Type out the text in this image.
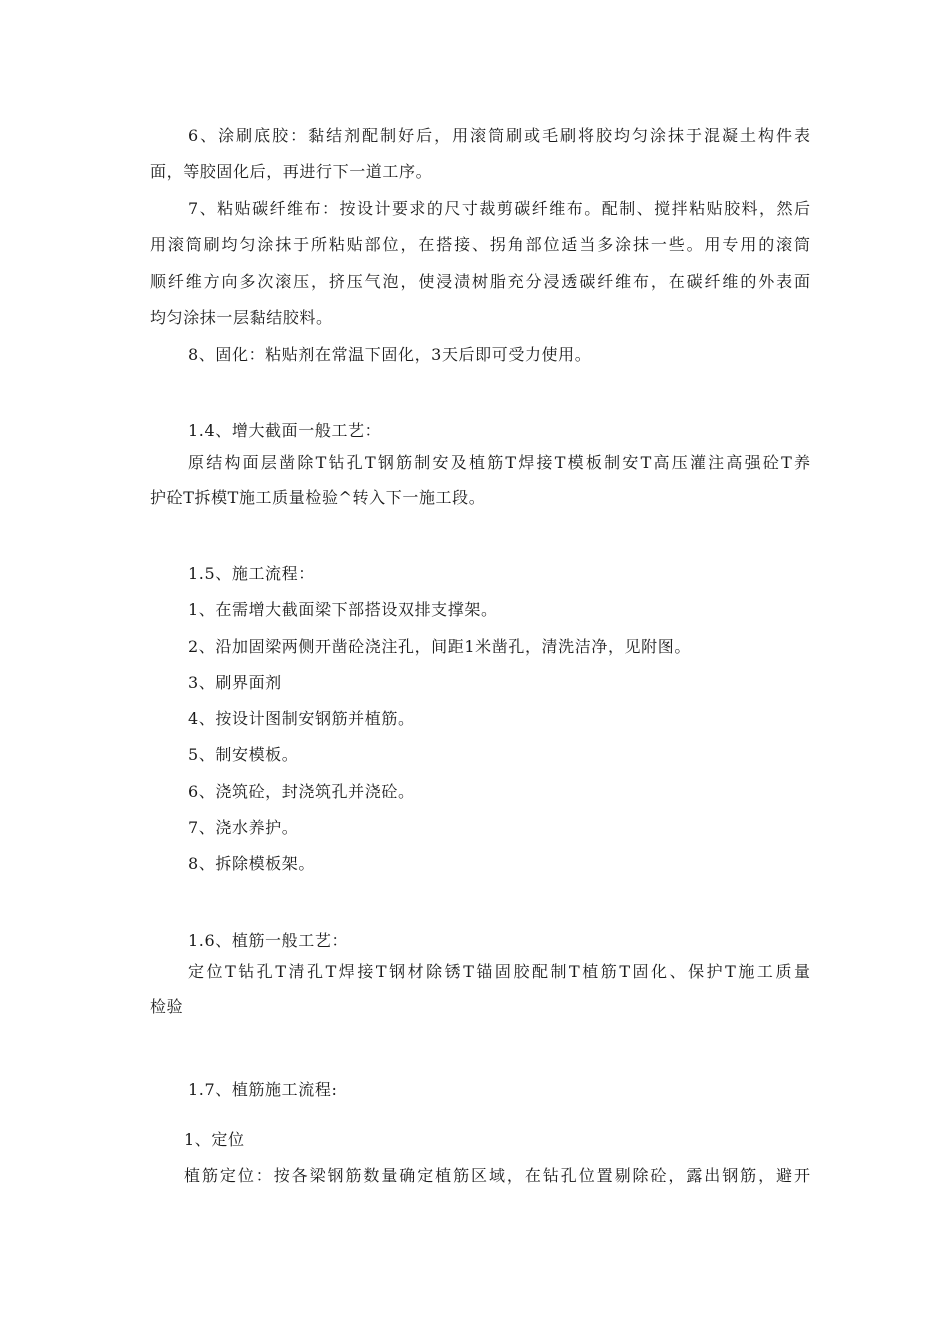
6、涂刷底胶：黏结剂配制好后，用滚筒刷或毛刷将胶均匀涂抹于混凝土构件表
面，等胶固化后，再进行下一道工序。
7、粘贴碳纤维布：按设计要求的尺寸裁剪碳纤维布。配制、搅拌粘贴胶料，然后
用滚筒刷均匀涂抹于所粘贴部位，在搭接、拐角部位适当多涂抹一些。用专用的滚筒
顺纤维方向多次滚压，挤压气泡，使浸渍树脂充分浸透碳纤维布，在碳纤维的外表面
均匀涂抹一层黏结胶料。
8、固化：粘贴剂在常温下固化，3天后即可受力使用。
1.4、增大截面一般工艺：
原结构面层凿除T钻孔T钢筋制安及植筋T焊接T模板制安T高压灌注高强砼T养
护砼T拆模T施工质量检验^转入下一施工段。
1.5、施工流程：
1、在需增大截面梁下部搭设双排支撑架。
2、沿加固梁两侧开凿砼浇注孔，间距1米凿孔，清洗洁净，见附图。
3、刷界面剂
4、按设计图制安钢筋并植筋。
5、制安模板。
6、浇筑砼，封浇筑孔并浇砼。
7、浇水养护。
8、拆除模板架。
1.6、植筋一般工艺：
定位T钻孔T清孔T焊接T钢材除锈T锚固胶配制T植筋T固化、保护T施工质量
检验
1.7、植筋施工流程:
1、定位
植筋定位：按各梁钢筋数量确定植筋区域，在钻孔位置剔除砼，露出钢筋，避开
